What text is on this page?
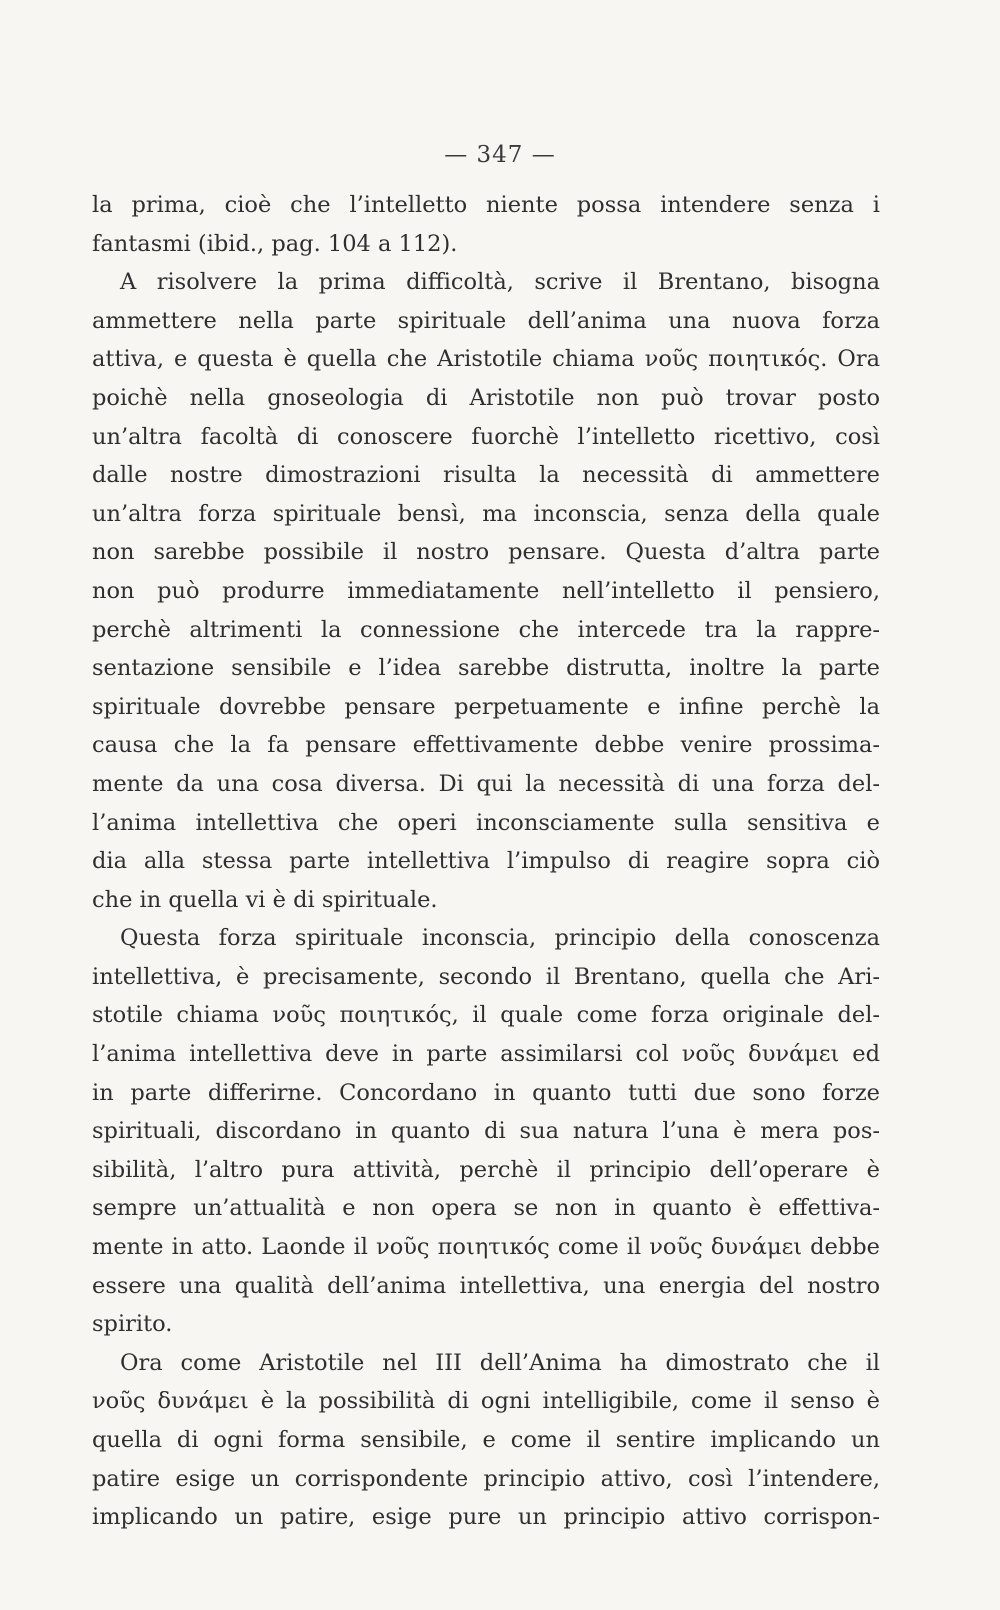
— 347 —
la prima, cioè che l’intelletto niente possa intendere senza i
fantasmi (ibid., pag. 104 a 112).
A risolvere la prima difficoltà, scrive il Brentano, bisogna
ammettere nella parte spirituale dell’anima una nuova forza
attiva, e questa è quella che Aristotile chiama νοῦς ποιητικός. Ora
poichè nella gnoseologia di Aristotile non può trovar posto
un’altra facoltà di conoscere fuorchè l’intelletto ricettivo, così
dalle nostre dimostrazioni risulta la necessità di ammettere
un’altra forza spirituale bensì, ma inconscia, senza della quale
non sarebbe possibile il nostro pensare. Questa d’altra parte
non può produrre immediatamente nell’intelletto il pensiero,
perchè altrimenti la connessione che intercede tra la rappre-
sentazione sensibile e l’idea sarebbe distrutta, inoltre la parte
spirituale dovrebbe pensare perpetuamente e infine perchè la
causa che la fa pensare effettivamente debbe venire prossima-
mente da una cosa diversa. Di qui la necessità di una forza del-
l’anima intellettiva che operi inconsciamente sulla sensitiva e
dia alla stessa parte intellettiva l’impulso di reagire sopra ciò
che in quella vi è di spirituale.
Questa forza spirituale inconscia, principio della conoscenza
intellettiva, è precisamente, secondo il Brentano, quella che Ari-
stotile chiama νοῦς ποιητικός, il quale come forza originale del-
l’anima intellettiva deve in parte assimilarsi col νοῦς δυνάμει ed
in parte differirne. Concordano in quanto tutti due sono forze
spirituali, discordano in quanto di sua natura l’una è mera pos-
sibilità, l’altro pura attività, perchè il principio dell’operare è
sempre un’attualità e non opera se non in quanto è effettiva-
mente in atto. Laonde il νοῦς ποιητικός come il νοῦς δυνάμει debbe
essere una qualità dell’anima intellettiva, una energia del nostro
spirito.
Ora come Aristotile nel III dell’Anima ha dimostrato che il
νοῦς δυνάμει è la possibilità di ogni intelligibile, come il senso è
quella di ogni forma sensibile, e come il sentire implicando un
patire esige un corrispondente principio attivo, così l’intendere,
implicando un patire, esige pure un principio attivo corrispon-
